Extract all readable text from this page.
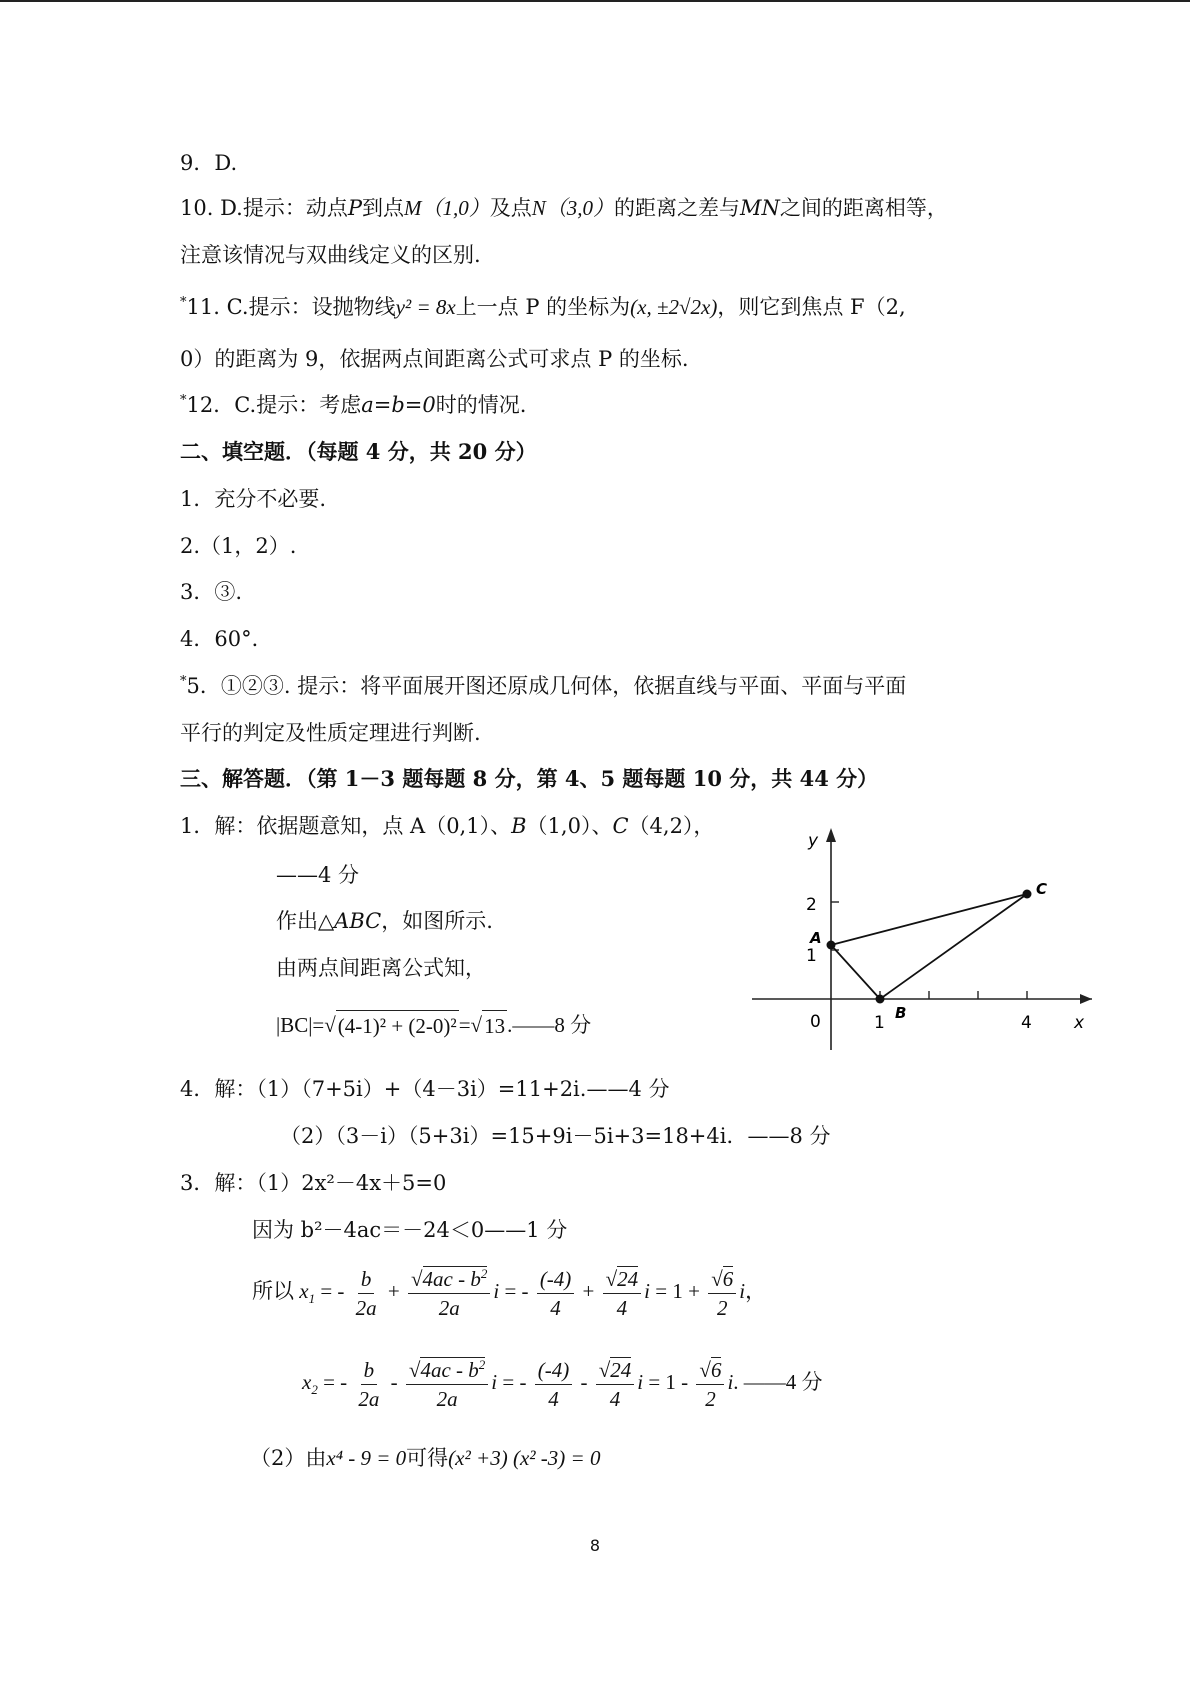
9．D.
10. D.提示：动点P到点M（1,0）及点N（3,0）的距离之差与MN之间的距离相等，
注意该情况与双曲线定义的区别.
*11. C.提示：设抛物线y² = 8x上一点 P 的坐标为(x, ±2√2x)，则它到焦点 F（2,
0）的距离为 9，依据两点间距离公式可求点 P 的坐标.
*12．C.提示：考虑a=b=0时的情况.
二、填空题．（每题 4 分，共 20 分）
1．充分不必要.
2.（1，2）.
3．③.
4．60°．
*5．①②③. 提示：将平面展开图还原成几何体，依据直线与平面、平面与平面
平行的判定及性质定理进行判断.
三、解答题．（第 1－3 题每题 8 分，第 4、5 题每题 10 分，共 44 分）
1．解：依据题意知，点 A（0,1）、B（1,0）、C（4,2），
——4 分
作出△ABC，如图所示.
由两点间距离公式知，
|BC|= √ (4-1)² + (2-0)² = √ 13 .——8 分
4．解：（1）（7+5i）+（4－3i）=11+2i.——4 分
（2）（3－i）（5+3i）=15+9i－5i+3=18+4i．——8 分
3．解：（1）2x²－4x＋5=0
因为 b²－4ac＝－24＜0——1 分
所以 $x_1$ = - $\frac{b}{2a} + \frac{√4ac - b^2}{2a}$ i = - $\frac{(-4)}{4} + \frac{√24}{4}$ $i = 1 + \frac{√6}{2}$ i，
$x_2$ = - $\frac{b}{2a} - \frac{√4ac - b^2}{2a}$ i = - $\frac{(-4)}{4} - \frac{√24}{4}$ $i = 1 - \frac{√6}{2} i$. ——4 分
（2）由x⁴ - 9 = 0可得(x² +3) (x² -3) = 0
y
x
0	1	4
1
2
A
B
C
8
